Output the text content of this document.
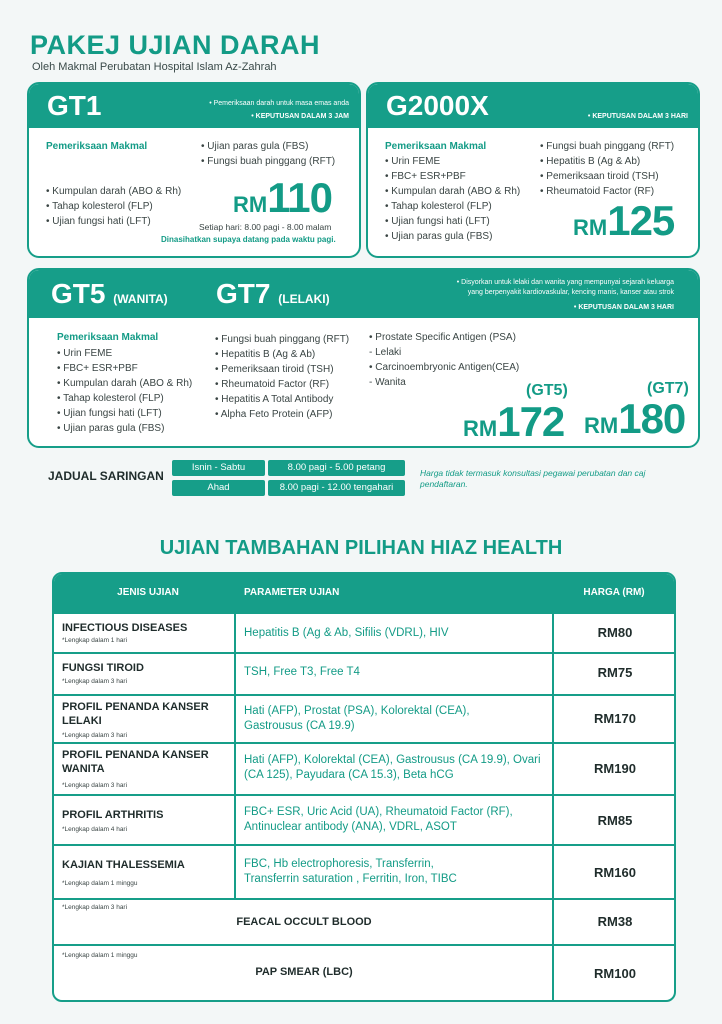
PAKEJ UJIAN DARAH
Oleh Makmal Perubatan Hospital Islam Az-Zahrah
GT1	• Pemeriksaan darah untuk masa emas anda
• KEPUTUSAN DALAM 3 JAM
Pemeriksaan Makmal
• Kumpulan darah (ABO & Rh)
• Tahap kolesterol (FLP)
• Ujian fungsi hati (LFT)
• Ujian paras gula (FBS)
• Fungsi buah pinggang (RFT)
RM110
Setiap hari: 8.00 pagi - 8.00 malam
Dinasihatkan supaya datang pada waktu pagi.
G2000X	• KEPUTUSAN DALAM 3 HARI
Pemeriksaan Makmal
• Urin FEME
• FBC+ ESR+PBF
• Kumpulan darah (ABO & Rh)
• Tahap kolesterol (FLP)
• Ujian fungsi hati (LFT)
• Ujian paras gula (FBS)
• Fungsi buah pinggang (RFT)
• Hepatitis B (Ag & Ab)
• Pemeriksaan tiroid (TSH)
• Rheumatoid Factor (RF)
RM125
GT5 (WANITA) GT7 (LELAKI)
• Disyorkan untuk lelaki dan wanita yang mempunyai sejarah keluarga
yang berpenyakit kardiovaskular, kencing manis, kanser atau strok
• KEPUTUSAN DALAM 3 HARI
Pemeriksaan Makmal
• Urin FEME
• FBC+ ESR+PBF
• Kumpulan darah (ABO & Rh)
• Tahap kolesterol (FLP)
• Ujian fungsi hati (LFT)
• Ujian paras gula (FBS)
• Fungsi buah pinggang (RFT)
• Hepatitis B (Ag & Ab)
• Pemeriksaan tiroid (TSH)
• Rheumatoid Factor (RF)
• Hepatitis A Total Antibody
• Alpha Feto Protein (AFP)
• Prostate Specific Antigen (PSA)
- Lelaki
• Carcinoembryonic Antigen(CEA)
- Wanita	(GT5)	(GT7)
RM172 RM180
JADUAL SARINGAN
Isnin - Sabtu	8.00 pagi - 5.00 petang
Ahad	8.00 pagi - 12.00 tengahari
Harga tidak termasuk konsultasi pegawai perubatan dan caj pendaftaran.
UJIAN TAMBAHAN PILIHAN HIAZ HEALTH
JENIS UJIAN	PARAMETER UJIAN	HARGA (RM)
INFECTIOUS DISEASES
*Lengkap dalam 1 hari
Hepatitis B (Ag & Ab, Sifilis (VDRL), HIV	RM80
FUNGSI TIROID
*Lengkap dalam 3 hari
TSH, Free T3, Free T4	RM75
PROFIL PENANDA KANSER LELAKI
*Lengkap dalam 3 hari
Hati (AFP), Prostat (PSA), Kolorektal (CEA), Gastrousus (CA 19.9)	RM170
PROFIL PENANDA KANSER WANITA
*Lengkap dalam 3 hari
Hati (AFP), Kolorektal (CEA), Gastrousus (CA 19.9), Ovari (CA 125), Payudara (CA 15.3), Beta hCG	RM190
PROFIL ARTHRITIS
*Lengkap dalam 4 hari
FBC+ ESR, Uric Acid (UA), Rheumatoid Factor (RF), Antinuclear antibody (ANA), VDRL, ASOT	RM85
KAJIAN THALESSEMIA
*Lengkap dalam 1 minggu
FBC, Hb electrophoresis, Transferrin, Transferrin saturation , Ferritin, Iron, TIBC	RM160
*Lengkap dalam 3 hari
FEACAL OCCULT BLOOD	RM38
*Lengkap dalam 1 minggu
PAP SMEAR (LBC)	RM100
